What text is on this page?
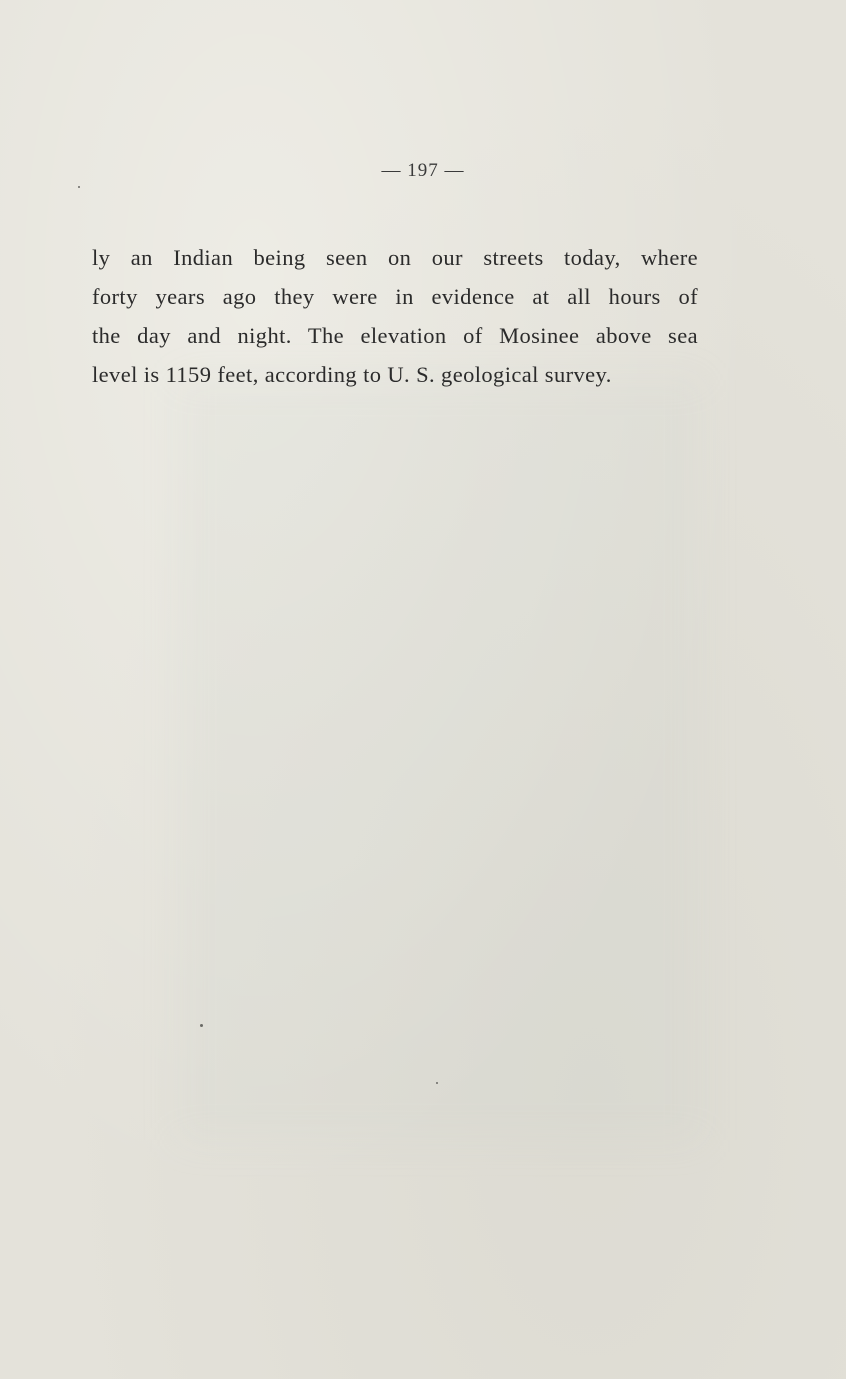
— 197 —
ly an Indian being seen on our streets today, where
forty years ago they were in evidence at all hours of
the day and night. The elevation of Mosinee above sea
level is 1159 feet, according to U. S. geological survey.
